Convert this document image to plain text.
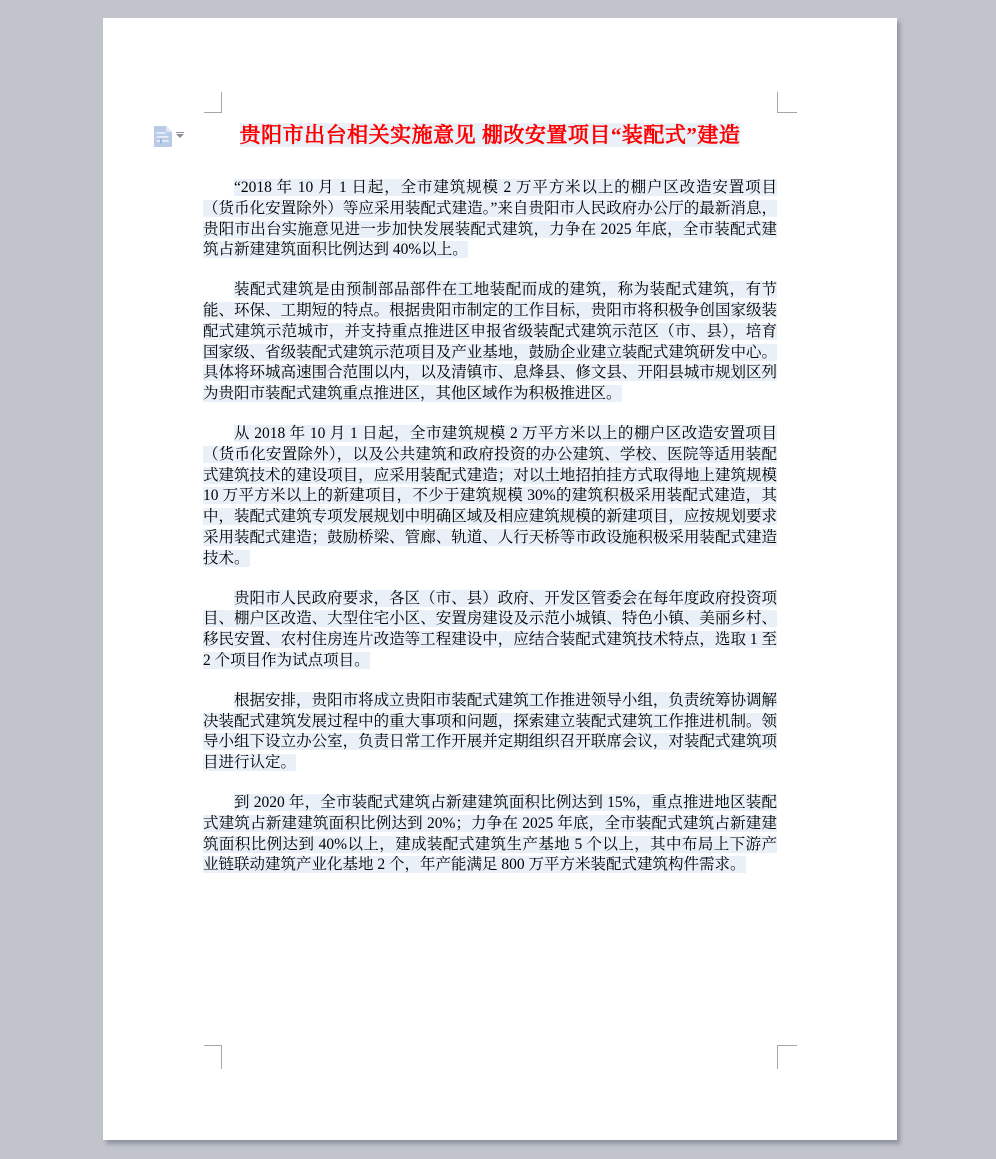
贵阳市出台相关实施意见 棚改安置项目“装配式”建造

“2018 年 10 月 1 日起，全市建筑规模 2 万平方米以上的棚户区改造安置项目（货币化安置除外）等应采用装配式建造。”来自贵阳市人民政府办公厅的最新消息，贵阳市出台实施意见进一步加快发展装配式建筑，力争在 2025 年底，全市装配式建筑占新建建筑面积比例达到 40%以上。

装配式建筑是由预制部品部件在工地装配而成的建筑，称为装配式建筑，有节能、环保、工期短的特点。根据贵阳市制定的工作目标，贵阳市将积极争创国家级装配式建筑示范城市，并支持重点推进区申报省级装配式建筑示范区（市、县），培育国家级、省级装配式建筑示范项目及产业基地，鼓励企业建立装配式建筑研发中心。具体将环城高速围合范围以内，以及清镇市、息烽县、修文县、开阳县城市规划区列为贵阳市装配式建筑重点推进区，其他区域作为积极推进区。

从 2018 年 10 月 1 日起，全市建筑规模 2 万平方米以上的棚户区改造安置项目（货币化安置除外），以及公共建筑和政府投资的办公建筑、学校、医院等适用装配式建筑技术的建设项目，应采用装配式建造；对以土地招拍挂方式取得地上建筑规模 10 万平方米以上的新建项目，不少于建筑规模 30%的建筑积极采用装配式建造，其中，装配式建筑专项发展规划中明确区域及相应建筑规模的新建项目，应按规划要求采用装配式建造；鼓励桥梁、管廊、轨道、人行天桥等市政设施积极采用装配式建造技术。

贵阳市人民政府要求，各区（市、县）政府、开发区管委会在每年度政府投资项目、棚户区改造、大型住宅小区、安置房建设及示范小城镇、特色小镇、美丽乡村、移民安置、农村住房连片改造等工程建设中，应结合装配式建筑技术特点，选取 1 至 2 个项目作为试点项目。

根据安排，贵阳市将成立贵阳市装配式建筑工作推进领导小组，负责统筹协调解决装配式建筑发展过程中的重大事项和问题，探索建立装配式建筑工作推进机制。领导小组下设立办公室，负责日常工作开展并定期组织召开联席会议，对装配式建筑项目进行认定。

到 2020 年，全市装配式建筑占新建建筑面积比例达到 15%，重点推进地区装配式建筑占新建建筑面积比例达到 20%；力争在 2025 年底，全市装配式建筑占新建建筑面积比例达到 40%以上，建成装配式建筑生产基地 5 个以上，其中布局上下游产业链联动建筑产业化基地 2 个，年产能满足 800 万平方米装配式建筑构件需求。
